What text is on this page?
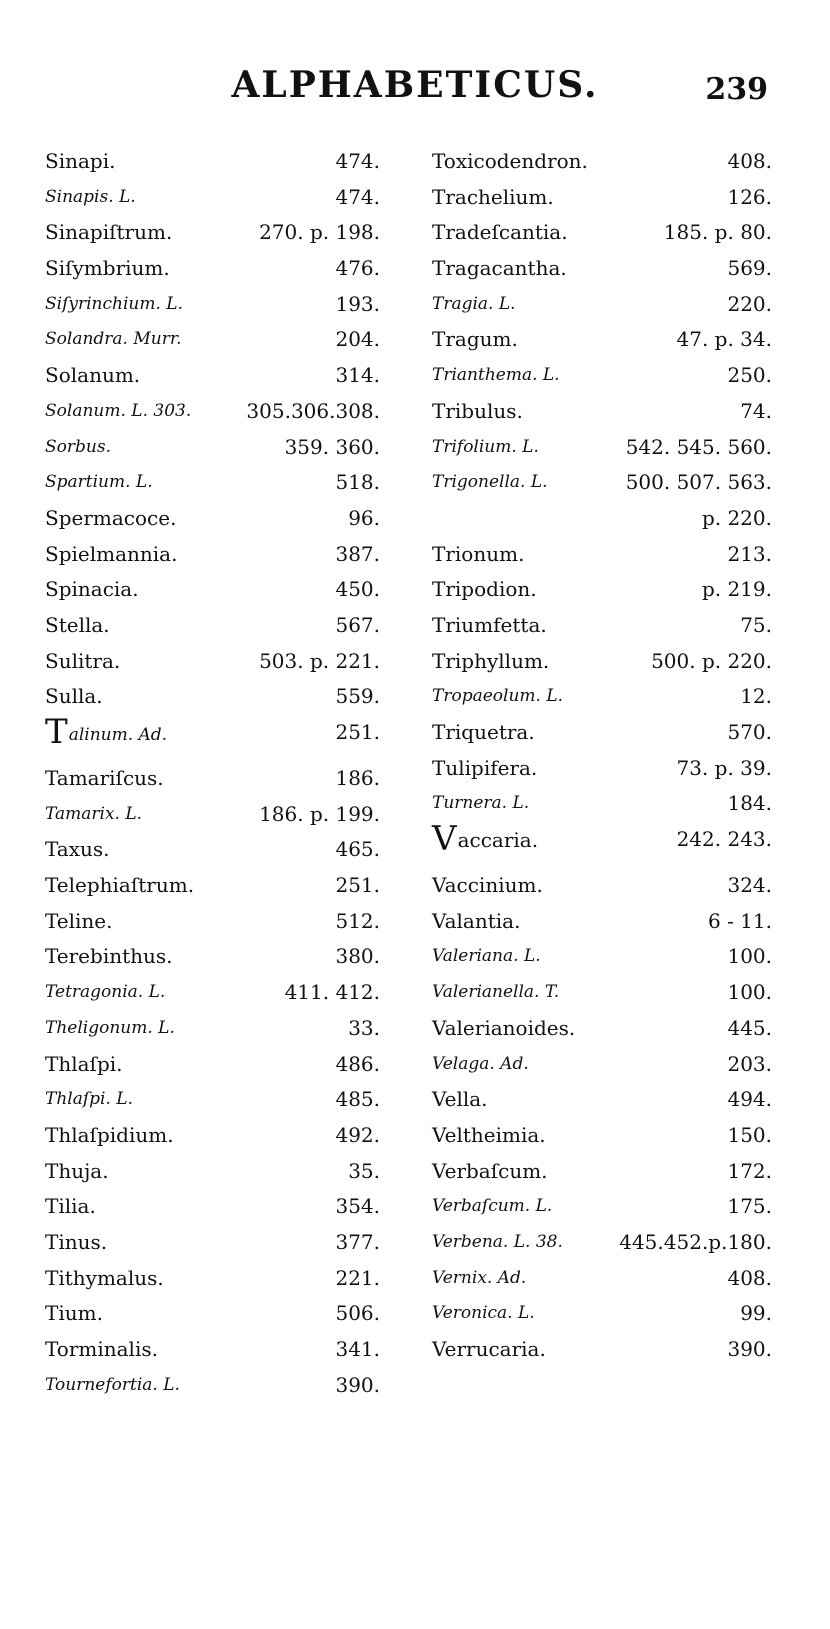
ALPHABETICUS.	239
Sinapi.	474.
Sinapis. L.	474.
Sinapiſtrum.	270. p. 198.
Siſymbrium.	476.
Siſyrinchium. L.	193.
Solandra. Murr.	204.
Solanum.	314.
Solanum. L. 303.	305.306.308.
Sorbus.	359. 360.
Spartium. L.	518.
Spermacoce.	96.
Spielmannia.	387.
Spinacia.	450.
Stella.	567.
Sulitra.	503. p. 221.
Sulla.	559.
Talinum. Ad.	251.
Tamariſcus.	186.
Tamarix. L.	186. p. 199.
Taxus.	465.
Telephiaſtrum.	251.
Teline.	512.
Terebinthus.	380.
Tetragonia. L.	411. 412.
Theligonum. L.	33.
Thlaſpi.	486.
Thlaſpi. L.	485.
Thlaſpidium.	492.
Thuja.	35.
Tilia.	354.
Tinus.	377.
Tithymalus.	221.
Tium.	506.
Torminalis.	341.
Tournefortia. L.	390.
Toxicodendron.	408.
Trachelium.	126.
Tradeſcantia.	185. p. 80.
Tragacantha.	569.
Tragia. L.	220.
Tragum.	47. p. 34.
Trianthema. L.	250.
Tribulus.	74.
Trifolium. L.	542. 545. 560.
Trigonella. L.	500. 507. 563.
p. 220.
Trionum.	213.
Tripodion.	p. 219.
Triumfetta.	75.
Triphyllum.	500. p. 220.
Tropaeolum. L.	12.
Triquetra.	570.
Tulipifera.	73. p. 39.
Turnera. L.	184.
Vaccaria.	242. 243.
Vaccinium.	324.
Valantia.	6 - 11.
Valeriana. L.	100.
Valerianella. T.	100.
Valerianoides.	445.
Velaga. Ad.	203.
Vella.	494.
Veltheimia.	150.
Verbaſcum.	172.
Verbaſcum. L.	175.
Verbena. L. 38.	445.452.p.180.
Vernix. Ad.	408.
Veronica. L.	99.
Verrucaria.	390.
